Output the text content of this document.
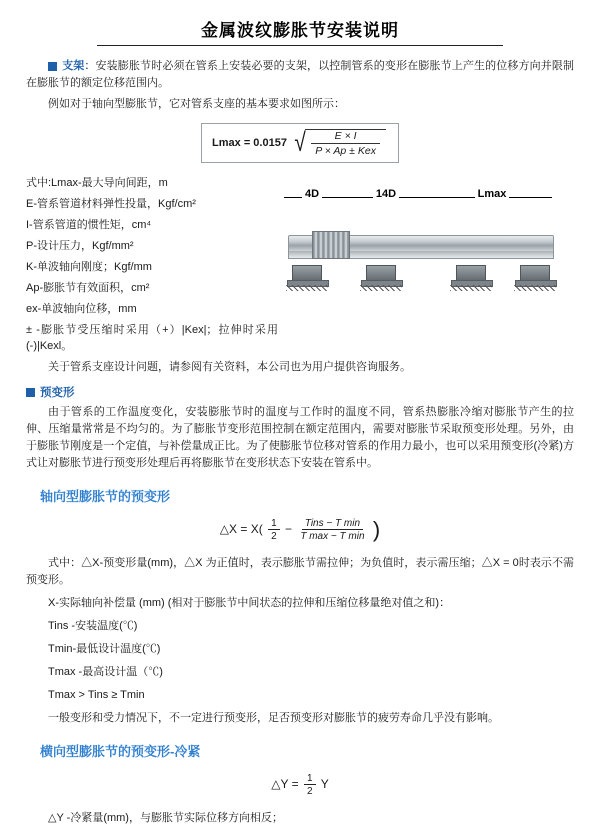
金属波纹膨胀节安装说明

支架：安装膨胀节时必须在管系上安装必要的支架，以控制管系的变形在膨胀节上产生的位移方向并限制在膨胀节的额定位移范围内。

例如对于轴向型膨胀节，它对管系支座的基本要求如图所示：

Lmax = 0.0157 √ $\frac{E \times I}{\text{P × Ap ± Kex}}$

式中:Lmax-最大导向间距，m

E-管系管道材料弹性投量，Kgf/cm²

I-管系管道的惯性矩，cm⁴

P-设计压力，Kgf/mm²

K-单波轴向刚度；Kgf/mm

Ap-膨胀节有效面积，cm²

ex-单波轴向位移，mm

± -膨胀节受压缩时采用（+）|Kex|；拉伸时采用(-)|Kexl。

4D	14D	Lmax

关于管系支座设计问题，请参阅有关资料，本公司也为用户提供咨询服务。

预变形

由于管系的工作温度变化，安装膨胀节时的温度与工作时的温度不同，管系热膨胀冷缩对膨胀节产生的拉伸、压缩量常常是不均匀的。为了膨胀节变形范围控制在额定范围内，需要对膨胀节采取预变形处理。另外，由于膨胀节刚度是一个定值，与补偿量成正比。为了使膨胀节位移对管系的作用力最小，也可以采用预变形(冷紧)方式让对膨胀节进行预变形处理后再将膨胀节在变形状态下安装在管系中。

轴向型膨胀节的预变形
△X = $X( \frac{1}{2}$ − Tins − T min
T max − T min )

式中：△X-预变形量(mm)，△X 为正值时，表示膨胀节需拉伸；为负值时，表示需压缩；△X = 0时表示不需预变形。

X-实际轴向补偿量 (mm) (相对于膨胀节中间状态的拉伸和压缩位移量绝对值之和)：

Tins -安装温度(℃)

Tmin-最低设计温度(℃)

Tmax -最高设计温（℃)

Tmax > Tins ≥ Tmin

一般变形和受力情况下，不一定进行预变形，足否预变形对膨胀节的疲劳寿命几乎没有影响。

横向型膨胀节的预变形-冷紧
△Y = $\frac{1}{2}$ Y

△Y -冷紧量(mm)，与膨胀节实际位移方向相反；
